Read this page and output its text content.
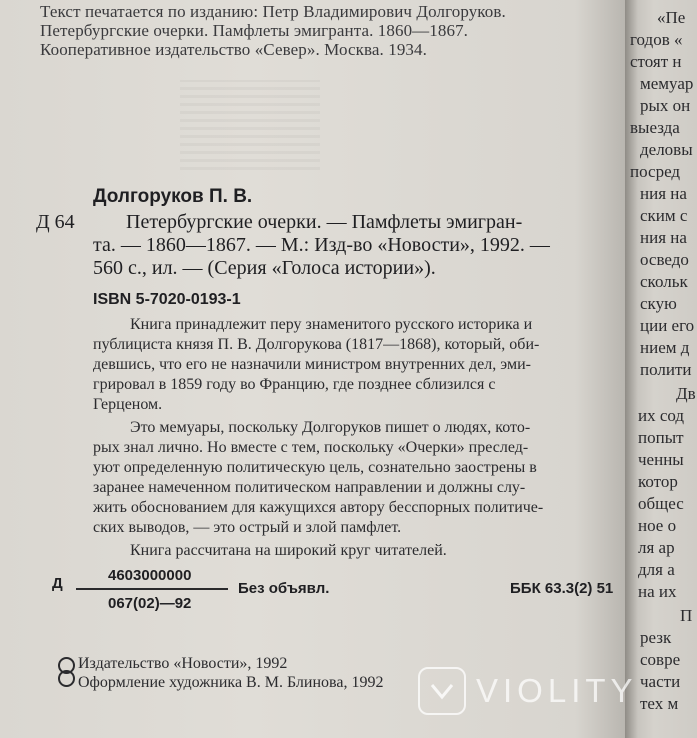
Текст печатается по изданию: Петр Владимирович Долгоруков.
Петербургские очерки. Памфлеты эмигранта. 1860—1867.
Кооперативное издательство «Север». Москва. 1934.
Долгоруков П. В.
Д 64	Петербургские очерки. — Памфлеты эмигран-
та. — 1860—1867. — М.: Изд-во «Новости», 1992. —
560 с., ил. — (Серия «Голоса истории»).
ISBN 5-7020-0193-1
Книга принадлежит перу знаменитого русского историка и
публициста князя П. В. Долгорукова (1817—1868), который, оби-
девшись, что его не назначили министром внутренних дел, эми-
грировал в 1859 году во Францию, где позднее сблизился с
Герценом.
Это мемуары, поскольку Долгоруков пишет о людях, кото-
рых знал лично. Но вместе с тем, поскольку «Очерки» преслед-
уют определенную политическую цель, сознательно заострены в
заранее намеченном политическом направлении и должны слу-
жить обоснованием для кажущихся автору бесспорных политиче-
ских выводов, — это острый и злой памфлет.
Книга рассчитана на широкий круг читателей.
Д	4603000000
067(02)—92
Без объявл.	ББК 63.3(2) 51
Издательство «Новости», 1992
Оформление художника В. М. Блинова, 1992
«Пе
годов «
стоят н
мемуар
рых он
выезда
деловы
посред
ния на
ским с
ния на
осведо
скольк
скую
ции его
нием д
полити
Дв
их сод
попыт
ченны
котор
общес
ное о
ля ар
для а
на их
П
резк
совре
части
тех м
VIOLITY
